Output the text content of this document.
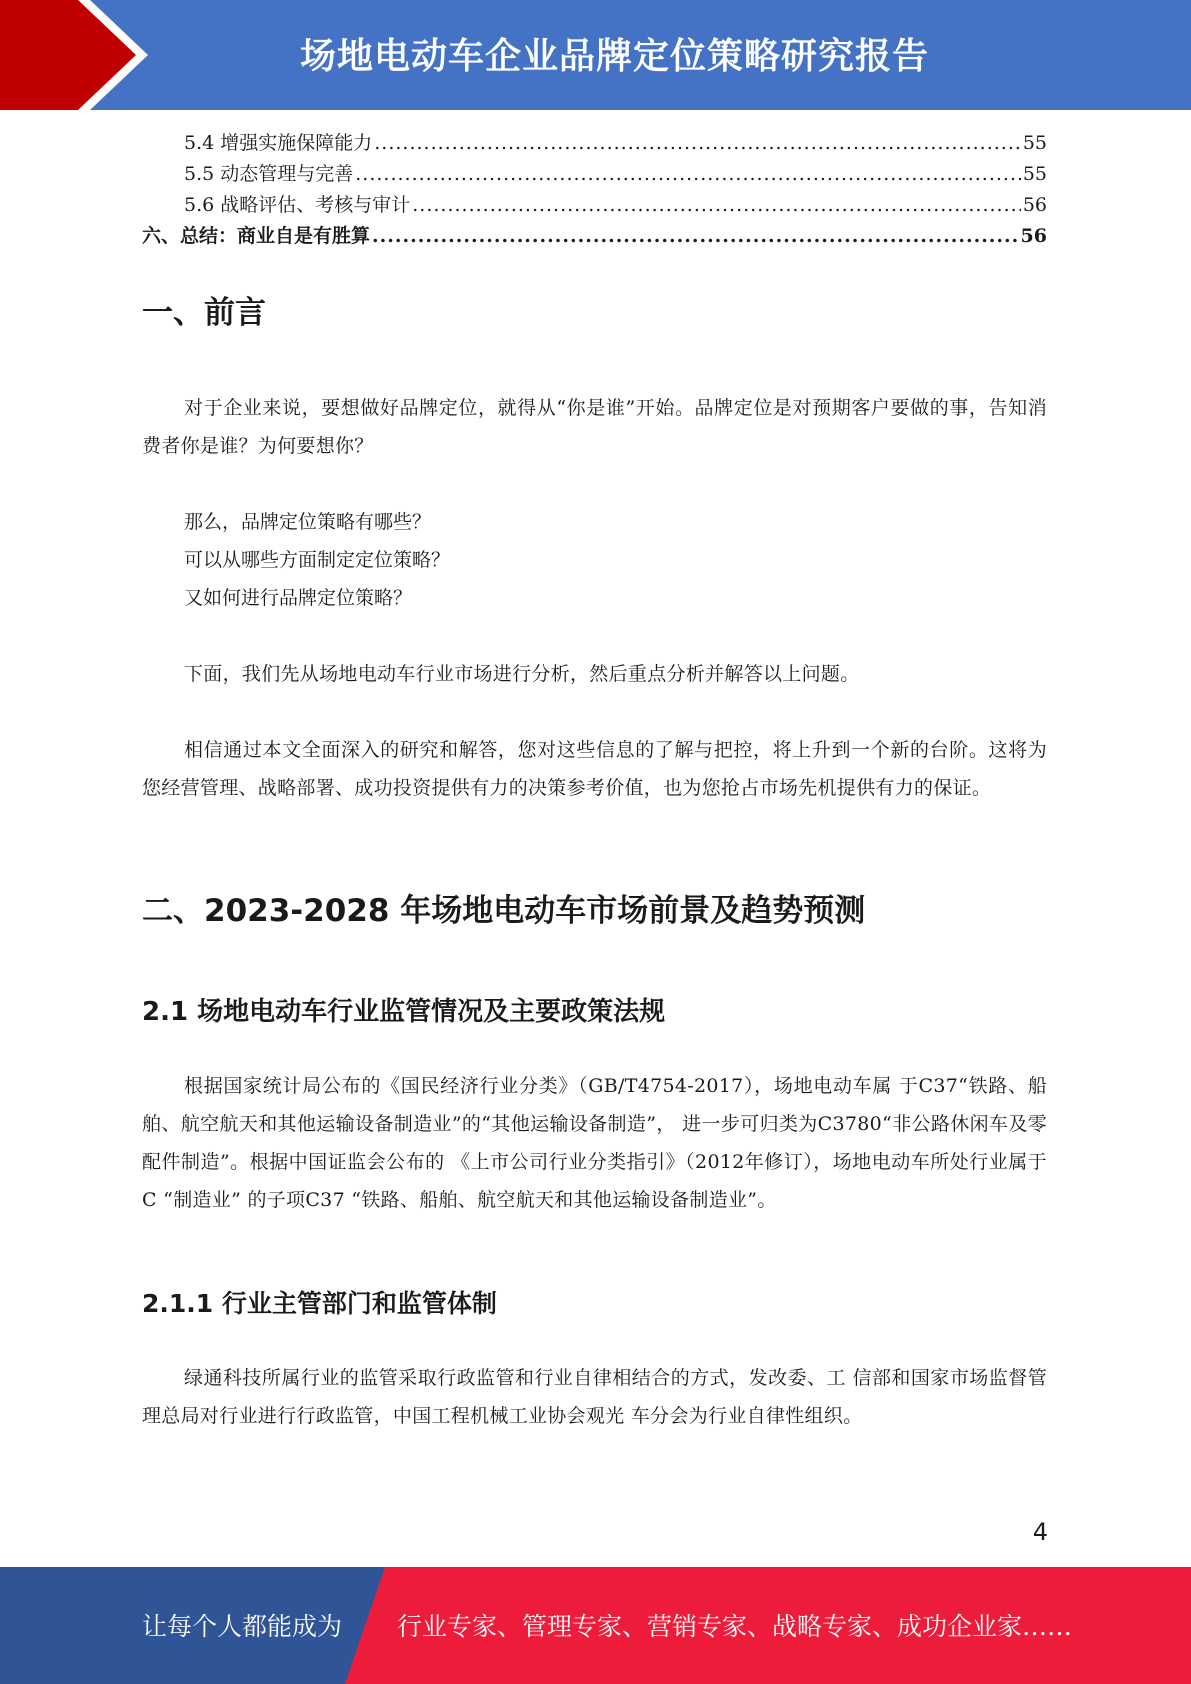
场地电动车企业品牌定位策略研究报告
5.4 增强实施保障能力 .....	55
5.5 动态管理与完善 .....	55
5.6 战略评估、考核与审计 .....	56
六、总结：商业自是有胜算 .....	56
一、前言

对于企业来说，要想做好品牌定位，就得从“你是谁”开始。品牌定位是对预期客户要做的事，告知消费者你是谁？为何要想你？

那么，品牌定位策略有哪些？

可以从哪些方面制定定位策略？

又如何进行品牌定位策略？

下面，我们先从场地电动车行业市场进行分析，然后重点分析并解答以上问题。

相信通过本文全面深入的研究和解答，您对这些信息的了解与把控，将上升到一个新的台阶。这将为您经营管理、战略部署、成功投资提供有力的决策参考价值，也为您抢占市场先机提供有力的保证。

二、2023-2028 年场地电动车市场前景及趋势预测
2.1 场地电动车行业监管情况及主要政策法规

根据国家统计局公布的《国民经济行业分类》（GB/T4754-2017），场地电动车属 于C37“铁路、船舶、航空航天和其他运输设备制造业”的“其他运输设备制造”， 进一步可归类为C3780“非公路休闲车及零配件制造”。根据中国证监会公布的 《上市公司行业分类指引》（2012年修订），场地电动车所处行业属于C “制造业” 的子项C37 “铁路、船舶、航空航天和其他运输设备制造业”。

2.1.1 行业主管部门和监管体制

绿通科技所属行业的监管采取行政监管和行业自律相结合的方式，发改委、工 信部和国家市场监督管理总局对行业进行行政监管，中国工程机械工业协会观光 车分会为行业自律性组织。

4
让每个人都能成为 行业专家、管理专家、营销专家、战略专家、成功企业家……
